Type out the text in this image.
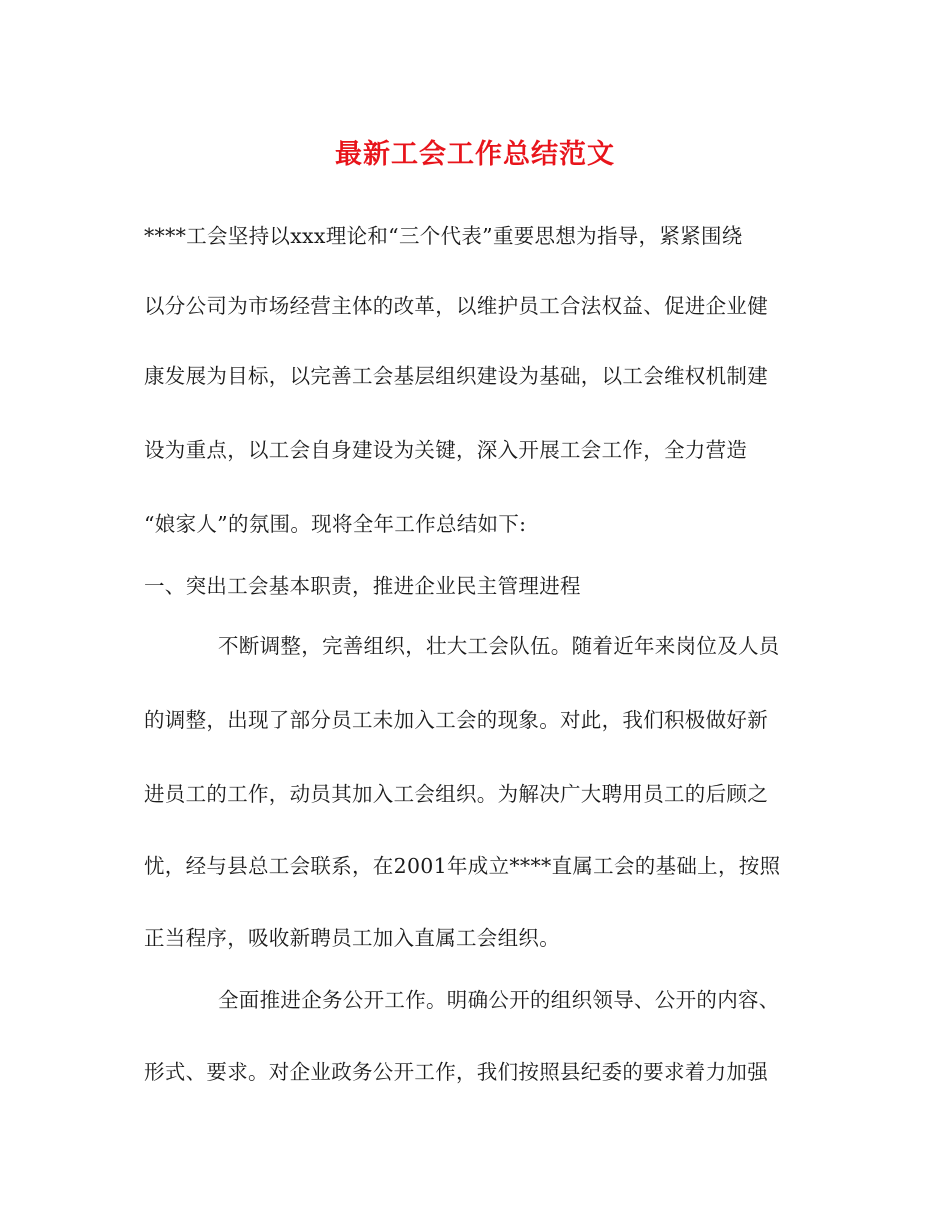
最新工会工作总结范文
****工会坚持以xxx理论和“三个代表”重要思想为指导，紧紧围绕
以分公司为市场经营主体的改革，以维护员工合法权益、促进企业健
康发展为目标，以完善工会基层组织建设为基础，以工会维权机制建
设为重点，以工会自身建设为关键，深入开展工会工作，全力营造
“娘家人”的氛围。现将全年工作总结如下:
一、突出工会基本职责，推进企业民主管理进程
不断调整，完善组织，壮大工会队伍。随着近年来岗位及人员
的调整，出现了部分员工未加入工会的现象。对此，我们积极做好新
进员工的工作，动员其加入工会组织。为解决广大聘用员工的后顾之
忧，经与县总工会联系，在2001年成立****直属工会的基础上，按照
正当程序，吸收新聘员工加入直属工会组织。
全面推进企务公开工作。明确公开的组织领导、公开的内容、
形式、要求。对企业政务公开工作，我们按照县纪委的要求着力加强
